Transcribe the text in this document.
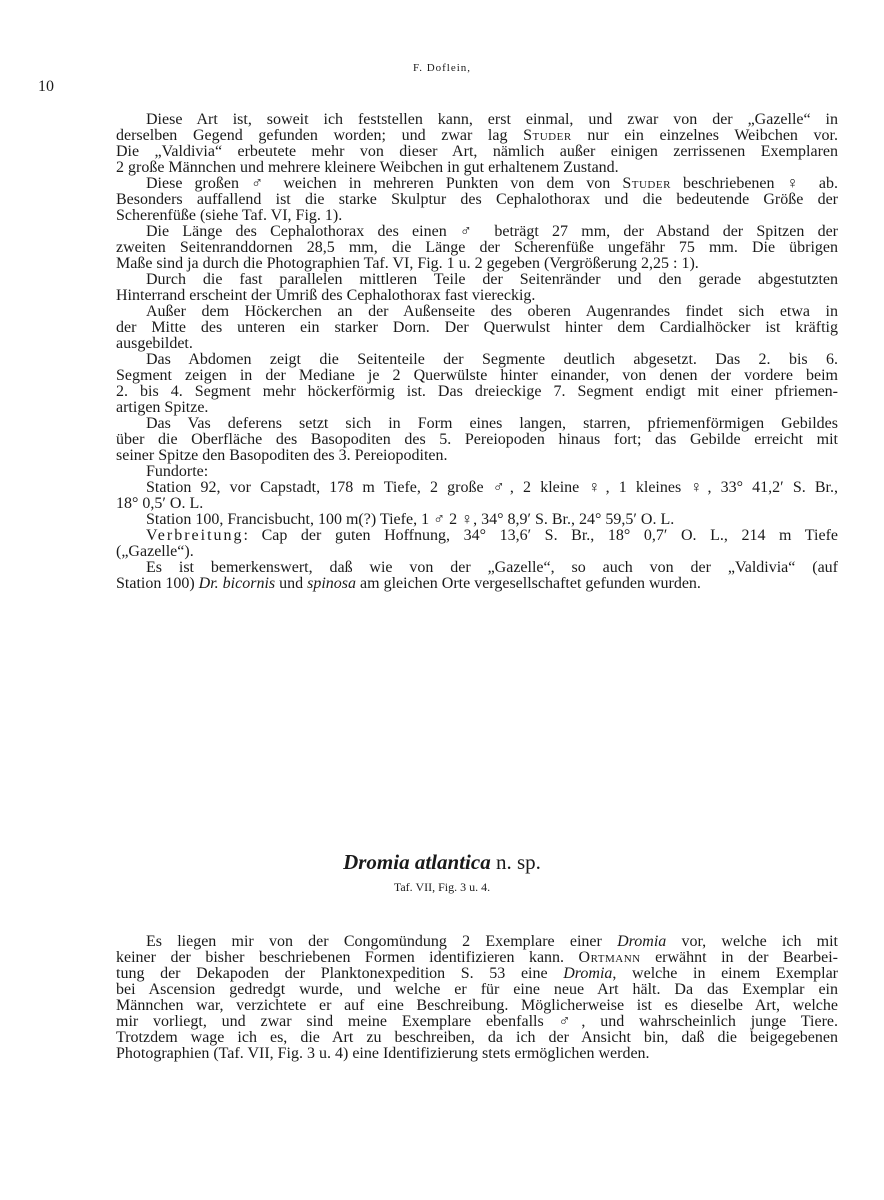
F. Doflein,
10
Diese Art ist, soweit ich feststellen kann, erst einmal, und zwar von der „Gazelle“ in
derselben Gegend gefunden worden; und zwar lag Studer nur ein einzelnes Weibchen vor.
Die „Valdivia“ erbeutete mehr von dieser Art, nämlich außer einigen zerrissenen Exemplaren
2 große Männchen und mehrere kleinere Weibchen in gut erhaltenem Zustand.
Diese großen ♂ weichen in mehreren Punkten von dem von Studer beschriebenen ♀ ab.
Besonders auffallend ist die starke Skulptur des Cephalothorax und die bedeutende Größe der
Scherenfüße (siehe Taf. VI, Fig. 1).
Die Länge des Cephalothorax des einen ♂ beträgt 27 mm, der Abstand der Spitzen der
zweiten Seitenranddornen 28,5 mm, die Länge der Scherenfüße ungefähr 75 mm. Die übrigen
Maße sind ja durch die Photographien Taf. VI, Fig. 1 u. 2 gegeben (Vergrößerung 2,25 : 1).
Durch die fast parallelen mittleren Teile der Seitenränder und den gerade abgestutzten
Hinterrand erscheint der Umriß des Cephalothorax fast viereckig.
Außer dem Höckerchen an der Außenseite des oberen Augenrandes findet sich etwa in
der Mitte des unteren ein starker Dorn. Der Querwulst hinter dem Cardialhöcker ist kräftig
ausgebildet.
Das Abdomen zeigt die Seitenteile der Segmente deutlich abgesetzt. Das 2. bis 6.
Segment zeigen in der Mediane je 2 Querwülste hinter einander, von denen der vordere beim
2. bis 4. Segment mehr höckerförmig ist. Das dreieckige 7. Segment endigt mit einer pfriemen-
artigen Spitze.
Das Vas deferens setzt sich in Form eines langen, starren, pfriemenförmigen Gebildes
über die Oberfläche des Basopoditen des 5. Pereiopoden hinaus fort; das Gebilde erreicht mit
seiner Spitze den Basopoditen des 3. Pereiopoditen.
Fundorte:
Station 92, vor Capstadt, 178 m Tiefe, 2 große ♂, 2 kleine ♀, 1 kleines ♀, 33° 41,2′ S. Br.,
18° 0,5′ O. L.
Station 100, Francisbucht, 100 m(?) Tiefe, 1 ♂ 2 ♀, 34° 8,9′ S. Br., 24° 59,5′ O. L.
Verbreitung: Cap der guten Hoffnung, 34° 13,6′ S. Br., 18° 0,7′ O. L., 214 m Tiefe
(„Gazelle“).
Es ist bemerkenswert, daß wie von der „Gazelle“, so auch von der „Valdivia“ (auf
Station 100) Dr. bicornis und spinosa am gleichen Orte vergesellschaftet gefunden wurden.
Dromia atlantica n. sp.
Taf. VII, Fig. 3 u. 4.
Es liegen mir von der Congomündung 2 Exemplare einer Dromia vor, welche ich mit
keiner der bisher beschriebenen Formen identifizieren kann. Ortmann erwähnt in der Bearbei-
tung der Dekapoden der Planktonexpedition S. 53 eine Dromia, welche in einem Exemplar
bei Ascension gedredgt wurde, und welche er für eine neue Art hält. Da das Exemplar ein
Männchen war, verzichtete er auf eine Beschreibung. Möglicherweise ist es dieselbe Art, welche
mir vorliegt, und zwar sind meine Exemplare ebenfalls ♂, und wahrscheinlich junge Tiere.
Trotzdem wage ich es, die Art zu beschreiben, da ich der Ansicht bin, daß die beigegebenen
Photographien (Taf. VII, Fig. 3 u. 4) eine Identifizierung stets ermöglichen werden.
